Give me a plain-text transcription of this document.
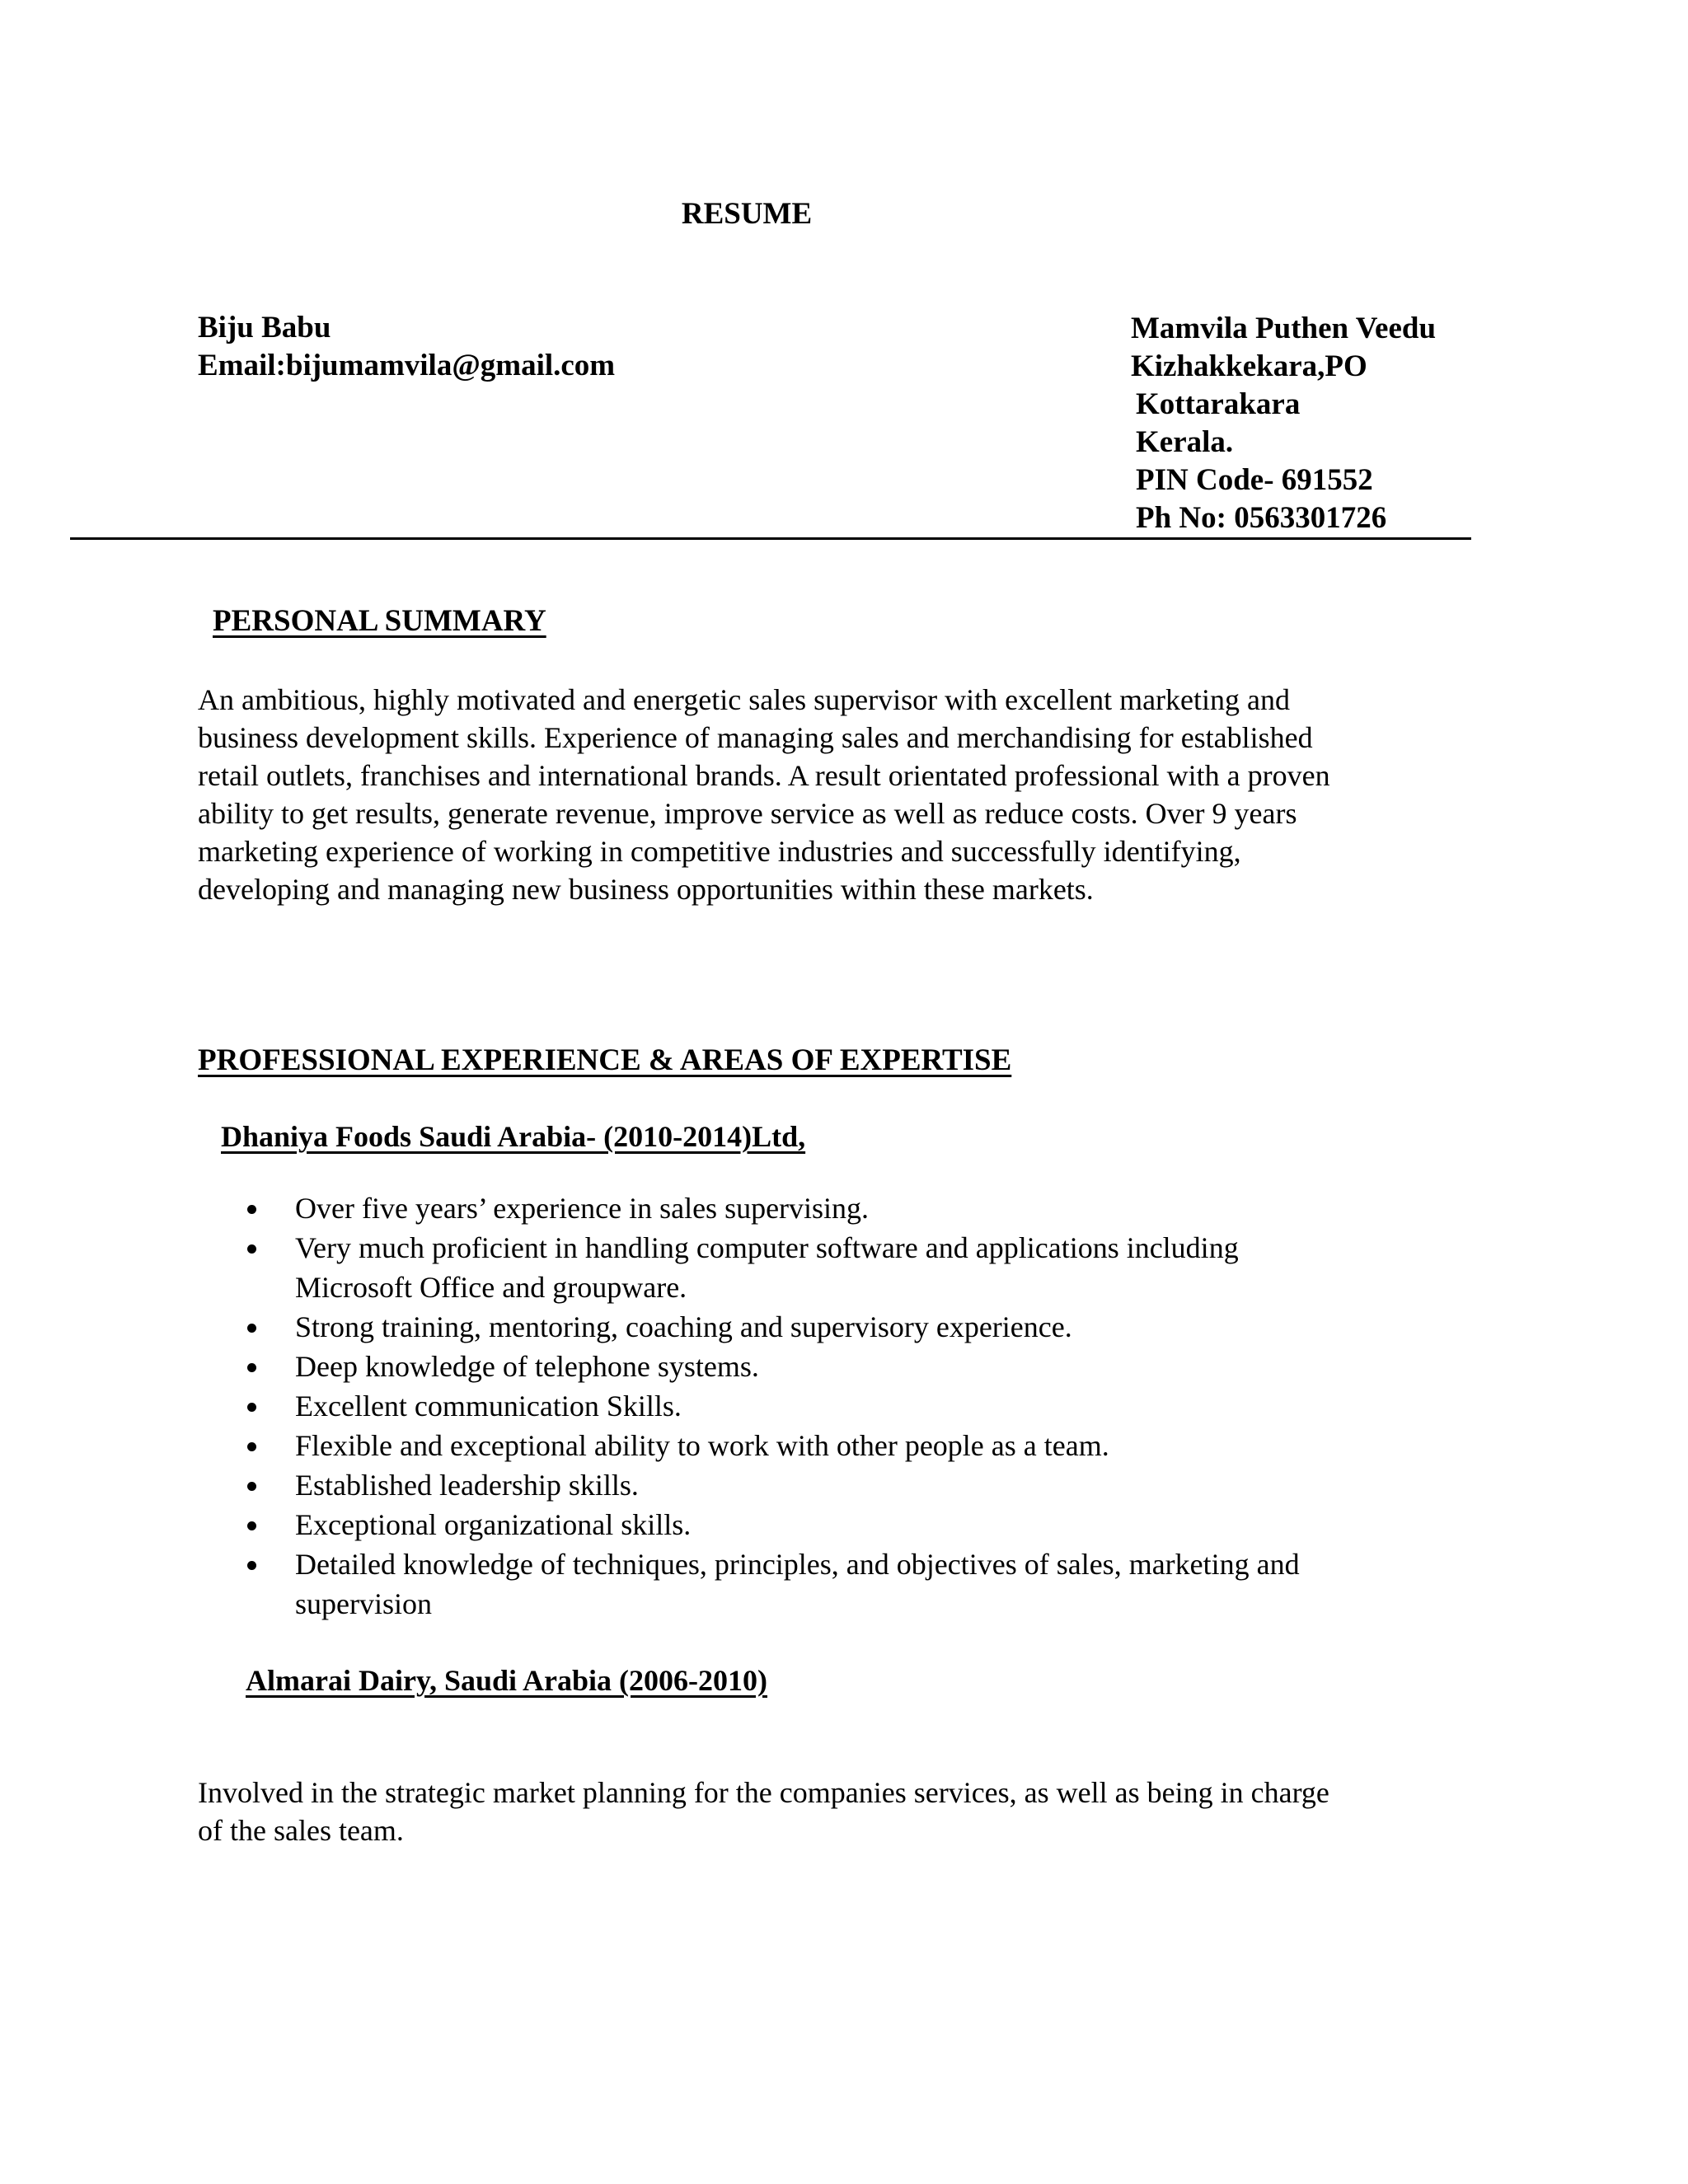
RESUME
Biju Babu
Email:bijumamvila@gmail.com
Mamvila Puthen Veedu
Kizhakkekara,PO
Kottarakara
Kerala.
PIN Code- 691552
Ph No: 0563301726
PERSONAL SUMMARY
An ambitious, highly motivated and energetic sales supervisor with excellent marketing and
business development skills. Experience of managing sales and merchandising for established
retail outlets, franchises and international brands. A result orientated professional with a proven
ability to get results, generate revenue, improve service as well as reduce costs. Over 9 years
marketing experience of working in competitive industries and successfully identifying,
developing and managing new business opportunities within these markets.
PROFESSIONAL EXPERIENCE & AREAS OF EXPERTISE
Dhaniya Foods Saudi Arabia- (2010-2014)Ltd,
Over five years’ experience in sales supervising.
Very much proficient in handling computer software and applications including
Microsoft Office and groupware.
Strong training, mentoring, coaching and supervisory experience.
Deep knowledge of telephone systems.
Excellent communication Skills.
Flexible and exceptional ability to work with other people as a team.
Established leadership skills.
Exceptional organizational skills.
Detailed knowledge of techniques, principles, and objectives of sales, marketing and
supervision
Almarai Dairy, Saudi Arabia (2006-2010)
Involved in the strategic market planning for the companies services, as well as being in charge
of the sales team.
